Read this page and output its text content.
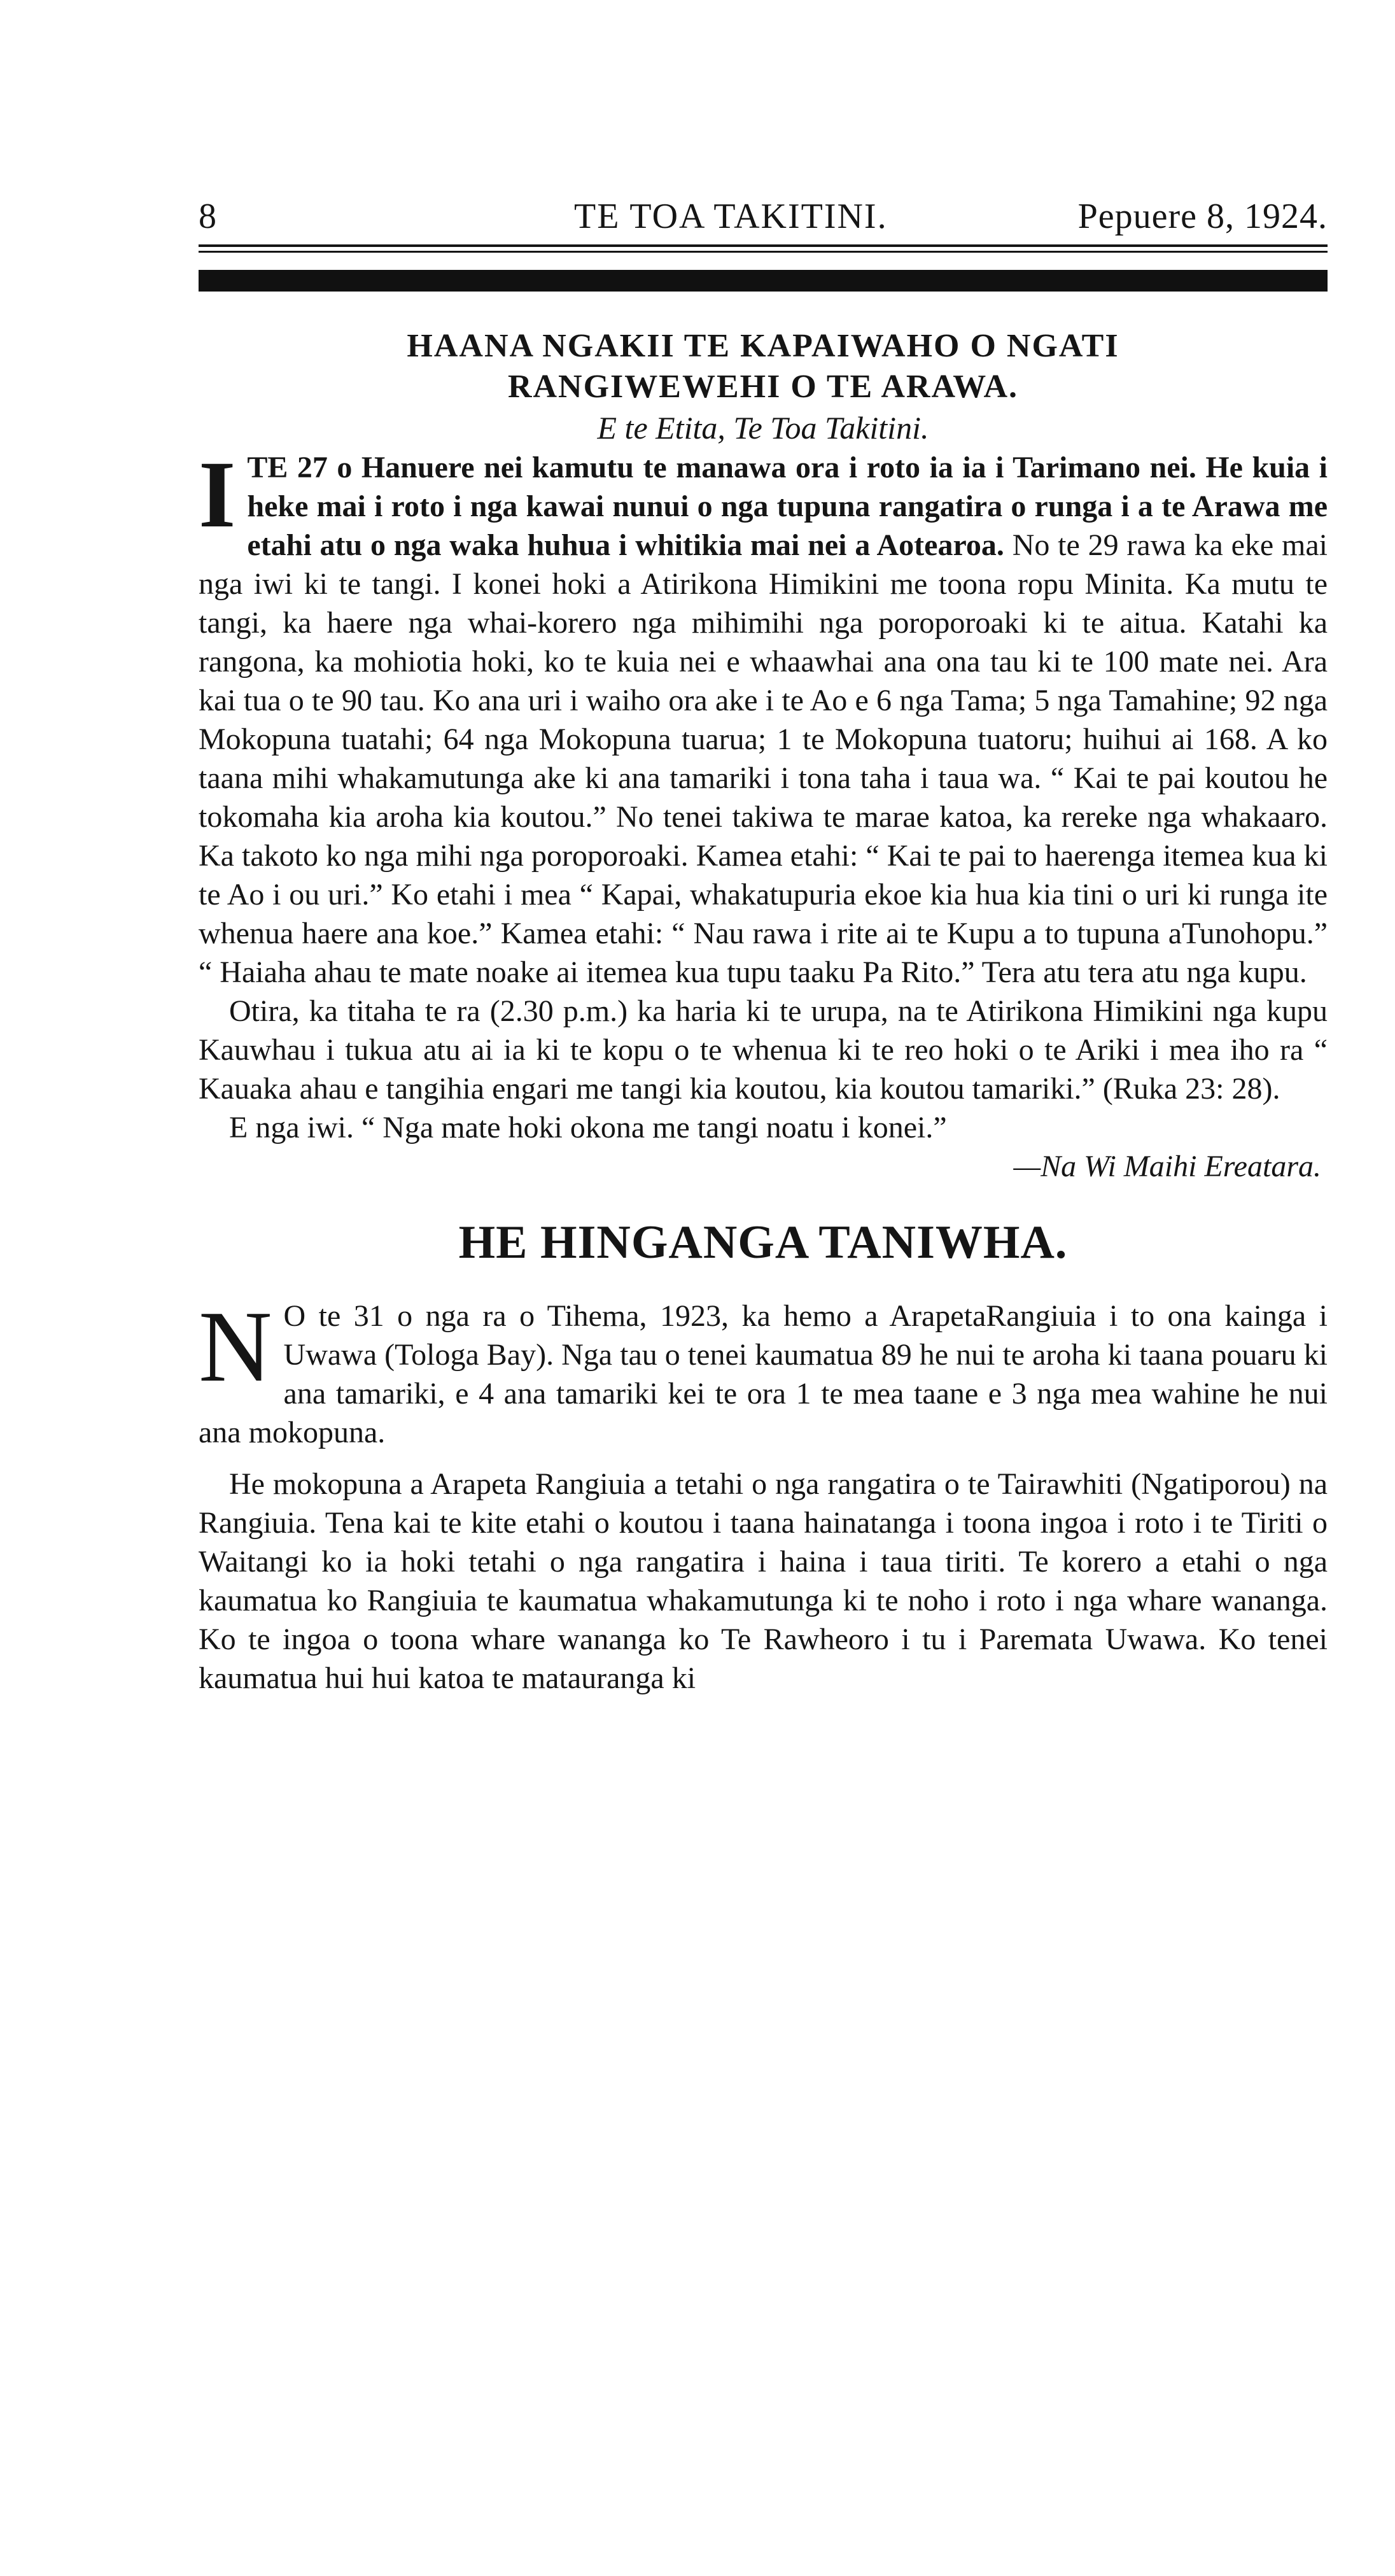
8	TE TOA TAKITINI.	Pepuere 8, 1924.
HAANA NGAKII TE KAPAIWAHO O NGATI
RANGIWEWEHI O TE ARAWA.

E te Etita, Te Toa Takitini.

I TE 27 o Hanuere nei kamutu te manawa ora i roto ia ia i Tarimano nei. He kuia i heke mai i roto i nga kawai nunui o nga tupuna rangatira o runga i a te Arawa me etahi atu o nga waka huhua i whitikia mai nei a Aotearoa. No te 29 rawa ka eke mai nga iwi ki te tangi. I konei hoki a Atirikona Himikini me toona ropu Minita. Ka mutu te tangi, ka haere nga whai-korero nga mihimihi nga poroporoaki ki te aitua. Katahi ka rangona, ka mohiotia hoki, ko te kuia nei e whaawhai ana ona tau ki te 100 mate nei. Ara kai tua o te 90 tau. Ko ana uri i waiho ora ake i te Ao e 6 nga Tama; 5 nga Tamahine; 92 nga Mokopuna tuatahi; 64 nga Mokopuna tuarua; 1 te Mokopuna tuatoru; huihui ai 168. A ko taana mihi whakamutunga ake ki ana tamariki i tona taha i taua wa. “ Kai te pai koutou he tokomaha kia aroha kia koutou.” No tenei takiwa te marae katoa, ka rereke nga whakaaro. Ka takoto ko nga mihi nga poroporoaki. Kamea etahi: “ Kai te pai to haerenga itemea kua ki te Ao i ou uri.” Ko etahi i mea “ Kapai, whakatupuria ekoe kia hua kia tini o uri ki runga ite whenua haere ana koe.” Kamea etahi: “ Nau rawa i rite ai te Kupu a to tupuna aTunohopu.” “ Haiaha ahau te mate noake ai itemea kua tupu taaku Pa Rito.” Tera atu tera atu nga kupu.

Otira, ka titaha te ra (2.30 p.m.) ka haria ki te urupa, na te Atirikona Himikini nga kupu Kauwhau i tukua atu ai ia ki te kopu o te whenua ki te reo hoki o te Ariki i mea iho ra “ Kauaka ahau e tangihia engari me tangi kia koutou, kia koutou tamariki.” (Ruka 23: 28).

E nga iwi. “ Nga mate hoki okona me tangi noatu i konei.”

—Na Wi Maihi Ereatara.

HE HINGANGA TANIWHA.

N O te 31 o nga ra o Tihema, 1923, ka hemo a ArapetaRangiuia i to ona kainga i Uwawa (Tologa Bay). Nga tau o tenei kaumatua 89 he nui te aroha ki taana pouaru ki ana tamariki, e 4 ana tamariki kei te ora 1 te mea taane e 3 nga mea wahine he nui ana mokopuna.

He mokopuna a Arapeta Rangiuia a tetahi o nga rangatira o te Tairawhiti (Ngatiporou) na Rangiuia. Tena kai te kite etahi o koutou i taana hainatanga i toona ingoa i roto i te Tiriti o Waitangi ko ia hoki tetahi o nga rangatira i haina i taua tiriti. Te korero a etahi o nga kaumatua ko Rangiuia te kaumatua whakamutunga ki te noho i roto i nga whare wananga. Ko te ingoa o toona whare wananga ko Te Rawheoro i tu i Paremata Uwawa. Ko tenei kaumatua hui hui katoa te matauranga ki
